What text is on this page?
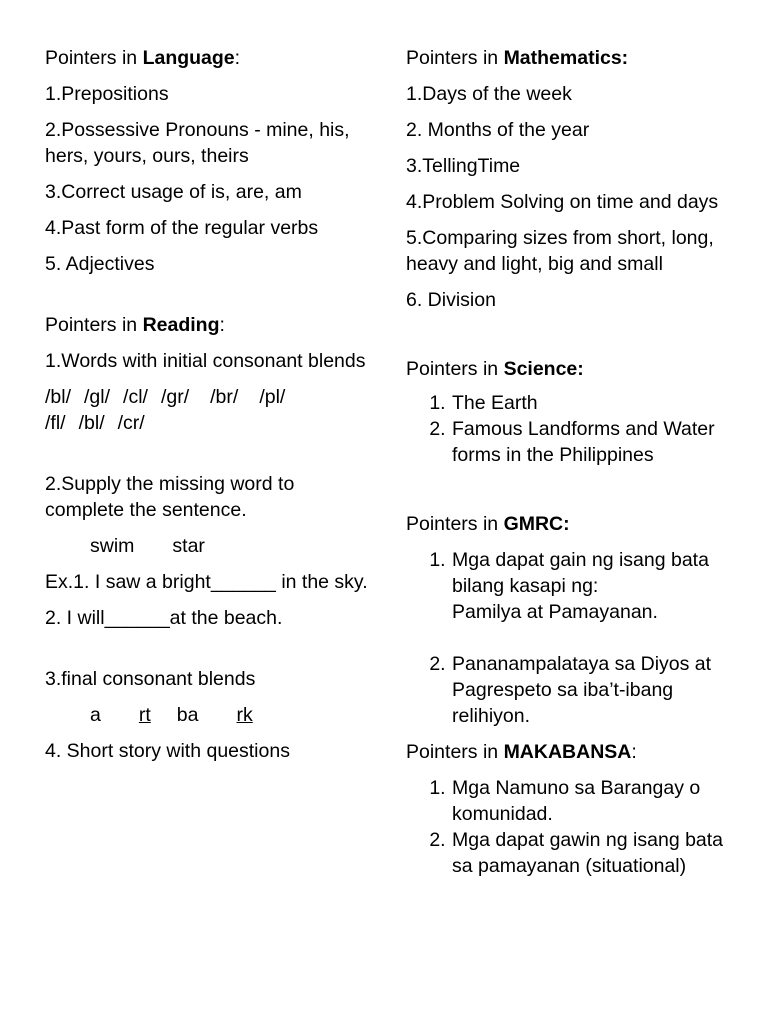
Pointers in Language:

1.Prepositions

2.Possessive Pronouns - mine, his, hers, yours, ours, theirs

3.Correct usage of is, are, am

4.Past form of the regular verbs

5. Adjectives

Pointers in Reading:

1.Words with initial consonant blends

/bl/ /gl/ /cl/ /gr/ /br/ /pl/
/fl/ /bl/ /cr/

2.Supply the missing word to complete the sentence.

swim star

Ex.1. I saw a bright______ in the sky.

2. I will______at the beach.

3.final consonant blends

a rtba rk

4. Short story with questions

Pointers in Mathematics:

1.Days of the week

2. Months of the year

3.TellingTime

4.Problem Solving on time and days

5.Comparing sizes from short, long, heavy and light, big and small

6. Division

Pointers in Science:

1. The Earth
2. Famous Landforms and Water forms in the Philippines

Pointers in GMRC:

1. Mga dapat gain ng isang bata bilang kasapi ng:
Pamilya at Pamayanan.

2. Pananampalataya sa Diyos at Pagrespeto sa iba’t-ibang relihiyon.

Pointers in MAKABANSA:

1. Mga Namuno sa Barangay o komunidad.
2. Mga dapat gawin ng isang bata sa pamayanan (situational)
